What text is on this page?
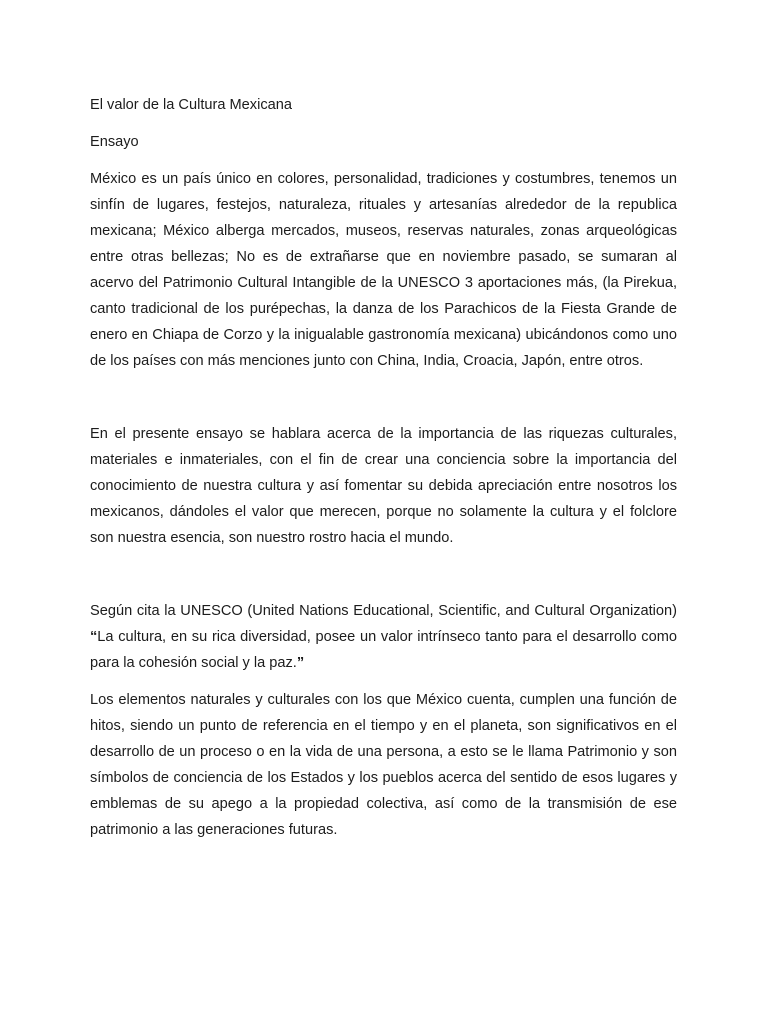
El valor de la Cultura Mexicana

Ensayo

México es un país único en colores, personalidad, tradiciones y costumbres, tenemos un sinfín de lugares, festejos, naturaleza, rituales y artesanías alrededor de la republica mexicana; México alberga mercados, museos, reservas naturales, zonas arqueológicas entre otras bellezas; No es de extrañarse que en noviembre pasado, se sumaran al acervo del Patrimonio Cultural Intangible de la UNESCO 3 aportaciones más, (la Pirekua, canto tradicional de los purépechas, la danza de los Parachicos de la Fiesta Grande de enero en Chiapa de Corzo y la inigualable gastronomía mexicana) ubicándonos como uno de los países con más menciones junto con China, India, Croacia, Japón, entre otros.

En el presente ensayo se hablara acerca de la importancia de las riquezas culturales, materiales e inmateriales, con el fin de crear una conciencia sobre la importancia del conocimiento de nuestra cultura y así fomentar su debida apreciación entre nosotros los mexicanos, dándoles el valor que merecen, porque no solamente la cultura y el folclore son nuestra esencia, son nuestro rostro hacia el mundo.

Según cita la UNESCO (United Nations Educational, Scientific, and Cultural Organization) “La cultura, en su rica diversidad, posee un valor intrínseco tanto para el desarrollo como para la cohesión social y la paz.”

Los elementos naturales y culturales con los que México cuenta, cumplen una función de hitos, siendo un punto de referencia en el tiempo y en el planeta, son significativos en el desarrollo de un proceso o en la vida de una persona, a esto se le llama Patrimonio y son símbolos de conciencia de los Estados y los pueblos acerca del sentido de esos lugares y emblemas de su apego a la propiedad colectiva, así como de la transmisión de ese patrimonio a las generaciones futuras.
